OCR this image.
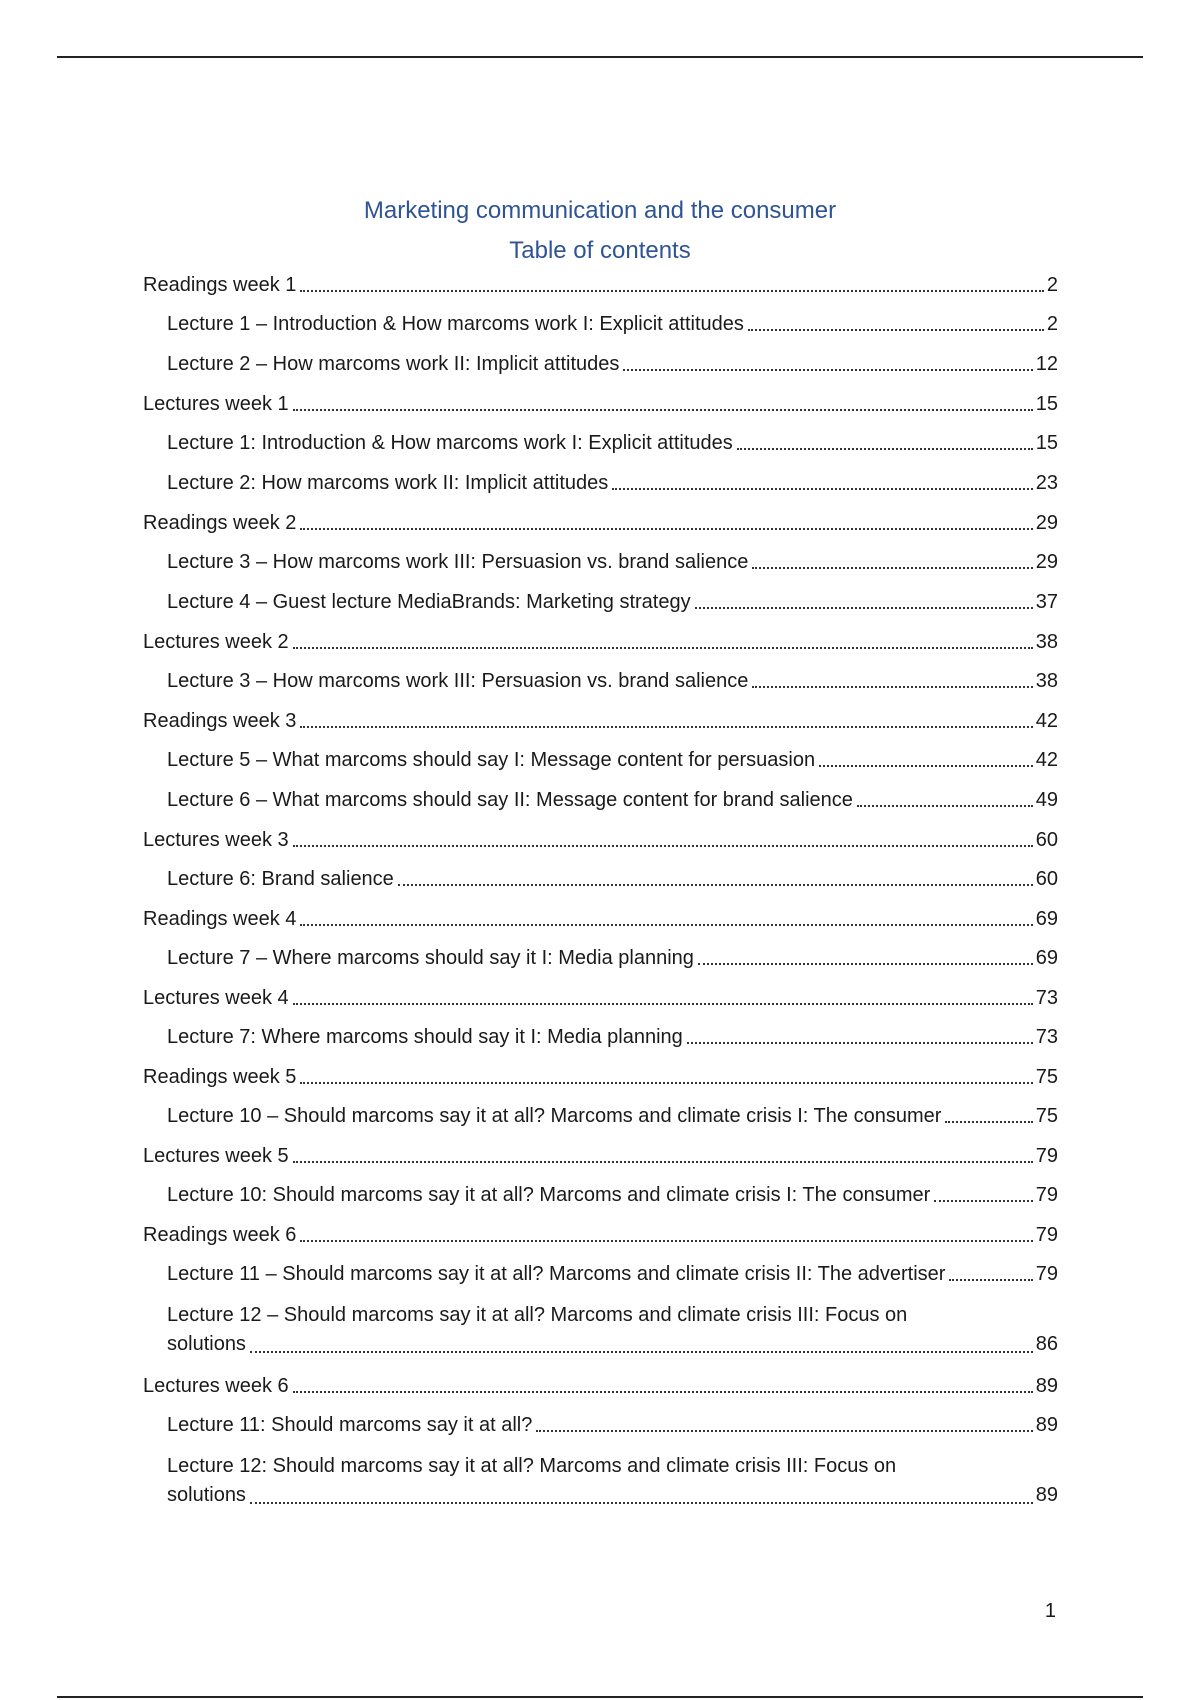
Marketing communication and the consumer
Table of contents
Readings week 1	2
Lecture 1 – Introduction & How marcoms work I: Explicit attitudes	2
Lecture 2 – How marcoms work II: Implicit attitudes	12
Lectures week 1	15
Lecture 1: Introduction & How marcoms work I: Explicit attitudes	15
Lecture 2: How marcoms work II: Implicit attitudes	23
Readings week 2	29
Lecture 3 – How marcoms work III: Persuasion vs. brand salience	29
Lecture 4 – Guest lecture MediaBrands: Marketing strategy	37
Lectures week 2	38
Lecture 3 – How marcoms work III: Persuasion vs. brand salience	38
Readings week 3	42
Lecture 5 – What marcoms should say I: Message content for persuasion	42
Lecture 6 – What marcoms should say II: Message content for brand salience	49
Lectures week 3	60
Lecture 6: Brand salience	60
Readings week 4	69
Lecture 7 – Where marcoms should say it I: Media planning	69
Lectures week 4	73
Lecture 7: Where marcoms should say it I: Media planning	73
Readings week 5	75
Lecture 10 – Should marcoms say it at all? Marcoms and climate crisis I: The consumer	75
Lectures week 5	79
Lecture 10: Should marcoms say it at all? Marcoms and climate crisis I: The consumer	79
Readings week 6	79
Lecture 11 – Should marcoms say it at all? Marcoms and climate crisis II: The advertiser	79
Lecture 12 – Should marcoms say it at all? Marcoms and climate crisis III: Focus on
solutions	86
Lectures week 6	89
Lecture 11: Should marcoms say it at all?	89
Lecture 12: Should marcoms say it at all? Marcoms and climate crisis III: Focus on
solutions	89
1
